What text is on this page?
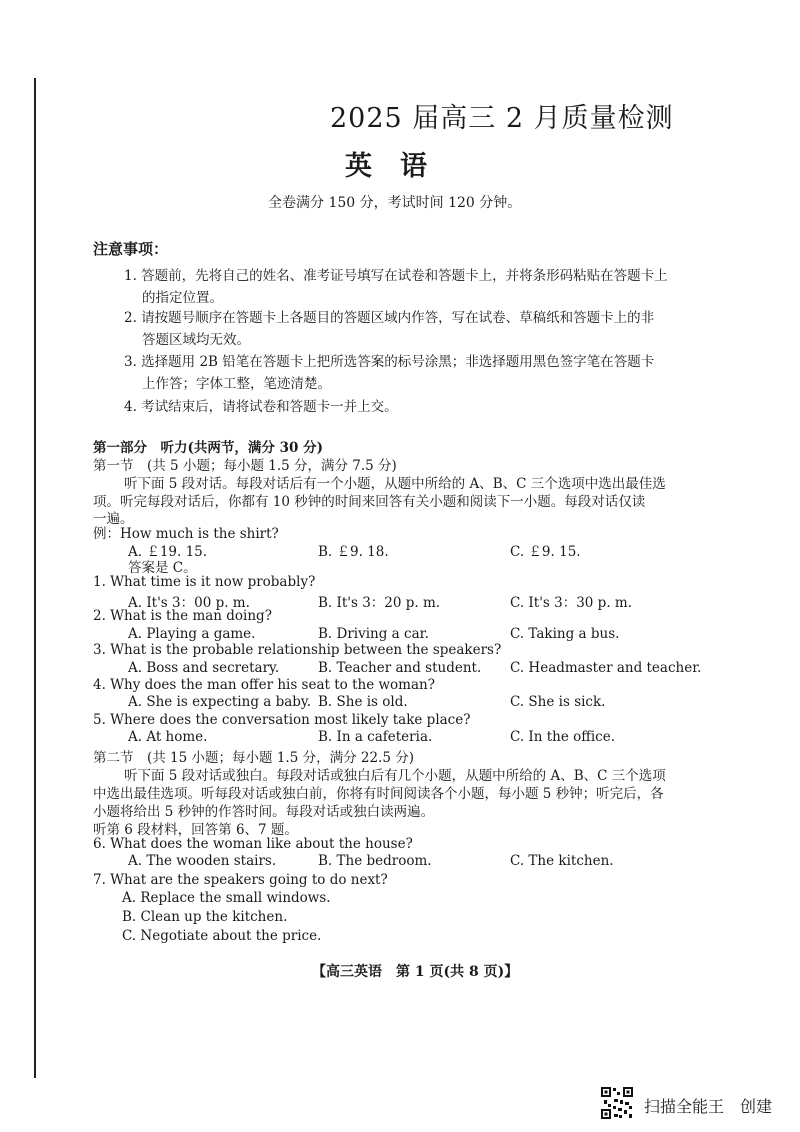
2025 届高三 2 月质量检测
英语
全卷满分 150 分，考试时间 120 分钟。
注意事项：
1. 答题前，先将自己的姓名、准考证号填写在试卷和答题卡上，并将条形码粘贴在答题卡上
的指定位置。
2. 请按题号顺序在答题卡上各题目的答题区域内作答，写在试卷、草稿纸和答题卡上的非
答题区域均无效。
3. 选择题用 2B 铅笔在答题卡上把所选答案的标号涂黑；非选择题用黑色签字笔在答题卡
上作答；字体工整，笔迹清楚。
4. 考试结束后，请将试卷和答题卡一并上交。
第一部分　听力(共两节，满分 30 分)
第一节　(共 5 小题；每小题 1.5 分，满分 7.5 分)
听下面 5 段对话。每段对话后有一个小题，从题中所给的 A、B、C 三个选项中选出最佳选
项。听完每段对话后，你都有 10 秒钟的时间来回答有关小题和阅读下一小题。每段对话仅读
一遍。
例：How much is the shirt?
A. ￡19. 15.	B. ￡9. 18.	C. ￡9. 15.
答案是 C。
1. What time is it now probably?
A. It's 3：00 p. m.	B. It's 3：20 p. m.	C. It's 3：30 p. m.
2. What is the man doing?
A. Playing a game.	B. Driving a car.	C. Taking a bus.
3. What is the probable relationship between the speakers?
A. Boss and secretary.	B. Teacher and student. C. Headmaster and teacher.
4. Why does the man offer his seat to the woman?
A. She is expecting a baby. B. She is old.	C. She is sick.
5. Where does the conversation most likely take place?
A. At home.	B. In a cafeteria.	C. In the office.
第二节　(共 15 小题；每小题 1.5 分，满分 22.5 分)
听下面 5 段对话或独白。每段对话或独白后有几个小题，从题中所给的 A、B、C 三个选项
中选出最佳选项。听每段对话或独白前，你将有时间阅读各个小题，每小题 5 秒钟；听完后，各
小题将给出 5 秒钟的作答时间。每段对话或独白读两遍。
听第 6 段材料，回答第 6、7 题。
6. What does the woman like about the house?
A. The wooden stairs.	B. The bedroom.	C. The kitchen.
7. What are the speakers going to do next?
A. Replace the small windows.
B. Clean up the kitchen.
C. Negotiate about the price.
【高三英语　第 1 页(共 8 页)】
扫描全能王　创建
